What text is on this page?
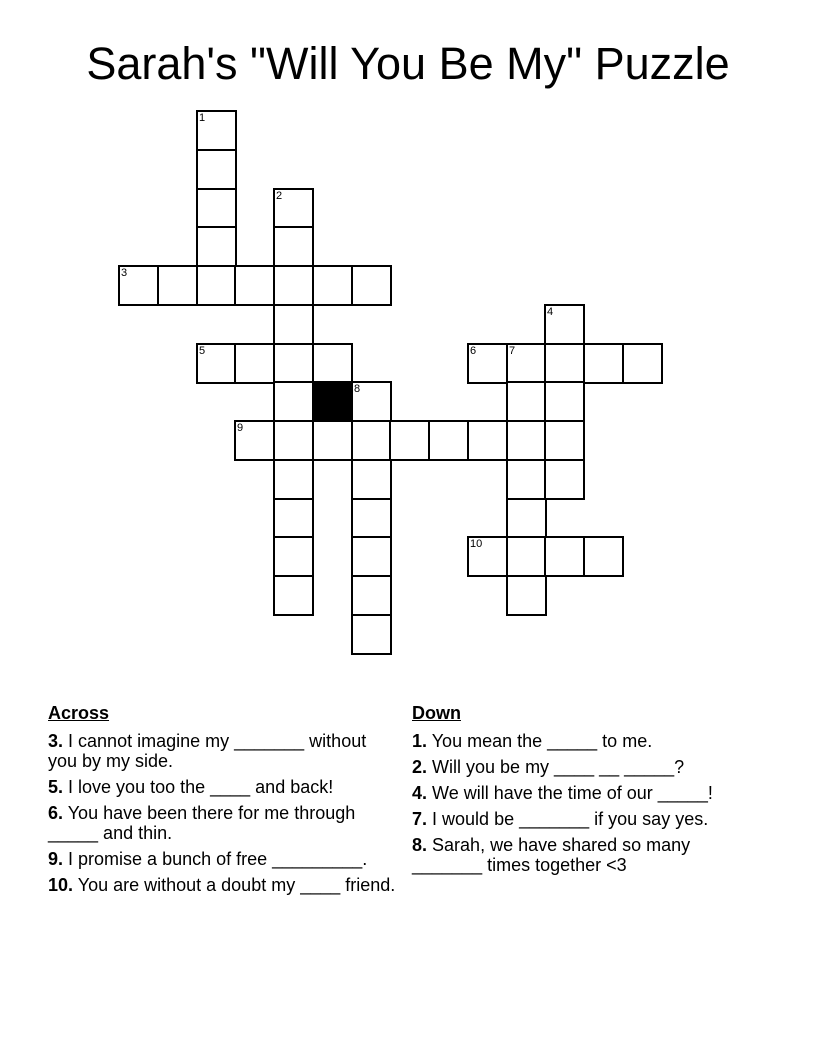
Sarah's "Will You Be My" Puzzle
1
2
3
4
5	6	7
8
9
10
Across
3. I cannot imagine my _______ without you by my side.
5. I love you too the ____ and back!
6. You have been there for me through _____ and thin.
9. I promise a bunch of free _________.
10. You are without a doubt my ____ friend.
Down
1. You mean the _____ to me.
2. Will you be my ____ __ _____?
4. We will have the time of our _____!
7. I would be _______ if you say yes.
8. Sarah, we have shared so many _______ times together <3
